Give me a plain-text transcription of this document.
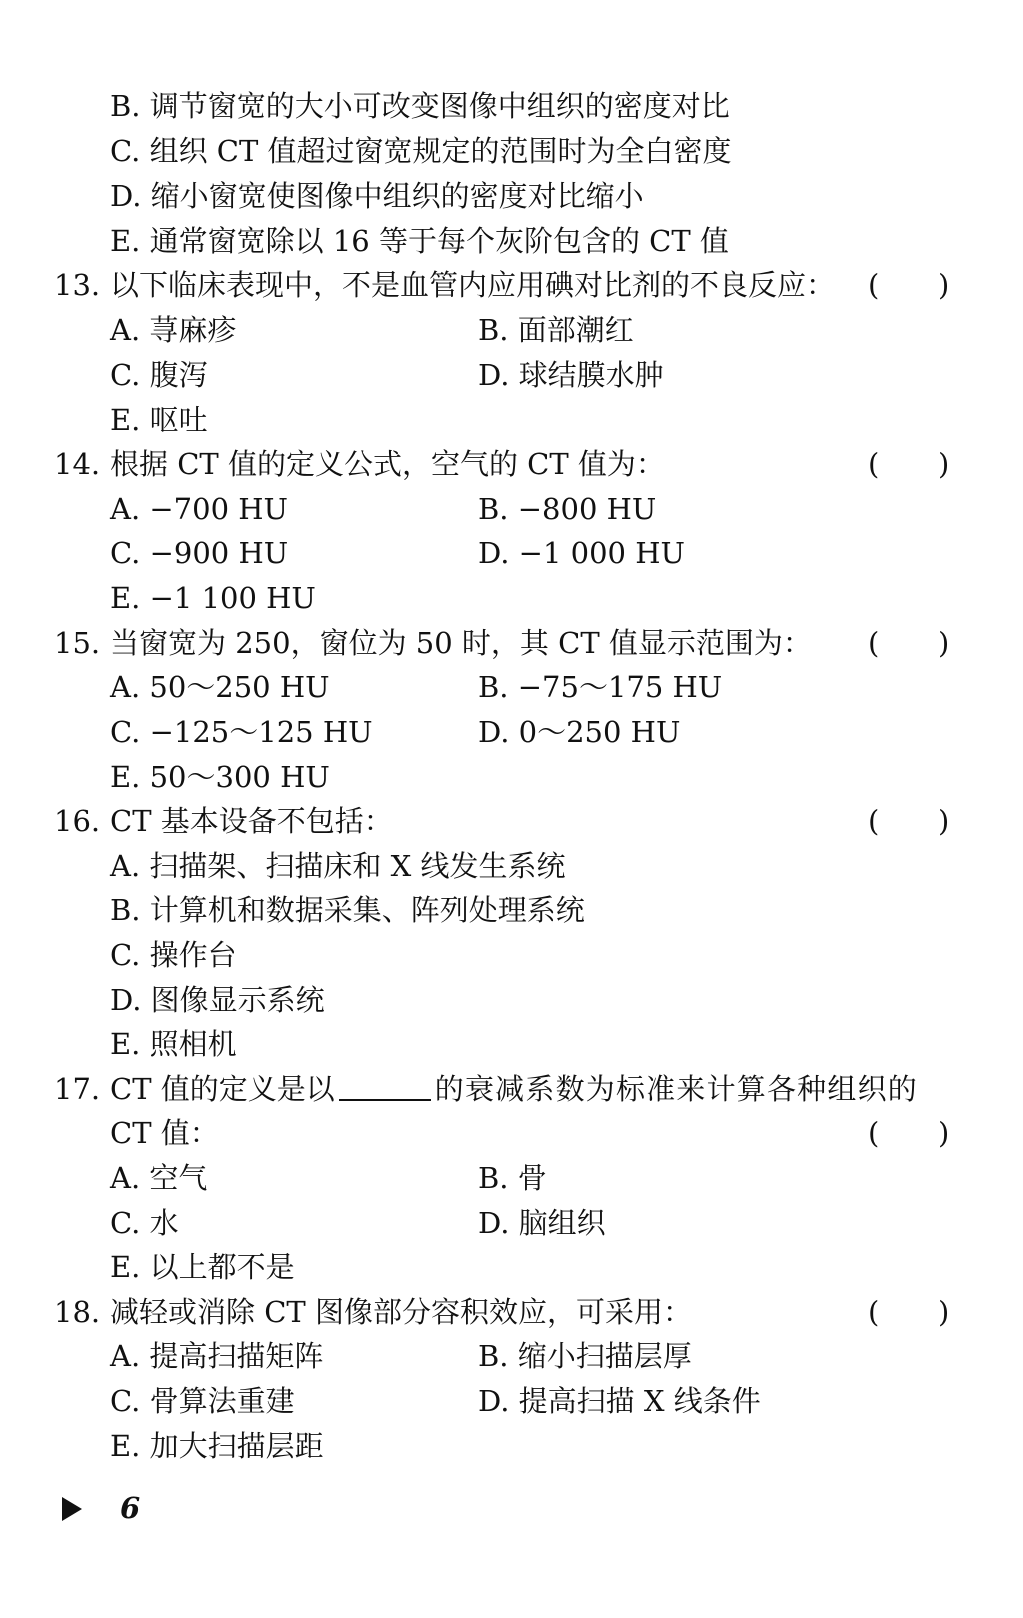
B. 调节窗宽的大小可改变图像中组织的密度对比
C. 组织 CT 值超过窗宽规定的范围时为全白密度
D. 缩小窗宽使图像中组织的密度对比缩小
E. 通常窗宽除以 16 等于每个灰阶包含的 CT 值
13. 以下临床表现中，不是血管内应用碘对比剂的不良反应： ( )
A. 荨麻疹	B. 面部潮红
C. 腹泻	D. 球结膜水肿
E. 呕吐
14. 根据 CT 值的定义公式，空气的 CT 值为：	( )
A. −700 HU	B. −800 HU
C. −900 HU	D. −1 000 HU
E. −1 100 HU
15. 当窗宽为 250，窗位为 50 时，其 CT 值显示范围为： ( )
A. 50～250 HU	B. −75～175 HU
C. −125～125 HU	D. 0～250 HU
E. 50～300 HU
16. CT 基本设备不包括：	( )
A. 扫描架、扫描床和 X 线发生系统
B. 计算机和数据采集、阵列处理系统
C. 操作台
D. 图像显示系统
E. 照相机
17. CT 值的定义是以	的衰减系数为标准来计算各种组织的
CT 值：	( )
A. 空气	B. 骨
C. 水	D. 脑组织
E. 以上都不是
18. 减轻或消除 CT 图像部分容积效应，可采用：	( )
A. 提高扫描矩阵	B. 缩小扫描层厚
C. 骨算法重建	D. 提高扫描 X 线条件
E. 加大扫描层距
6
